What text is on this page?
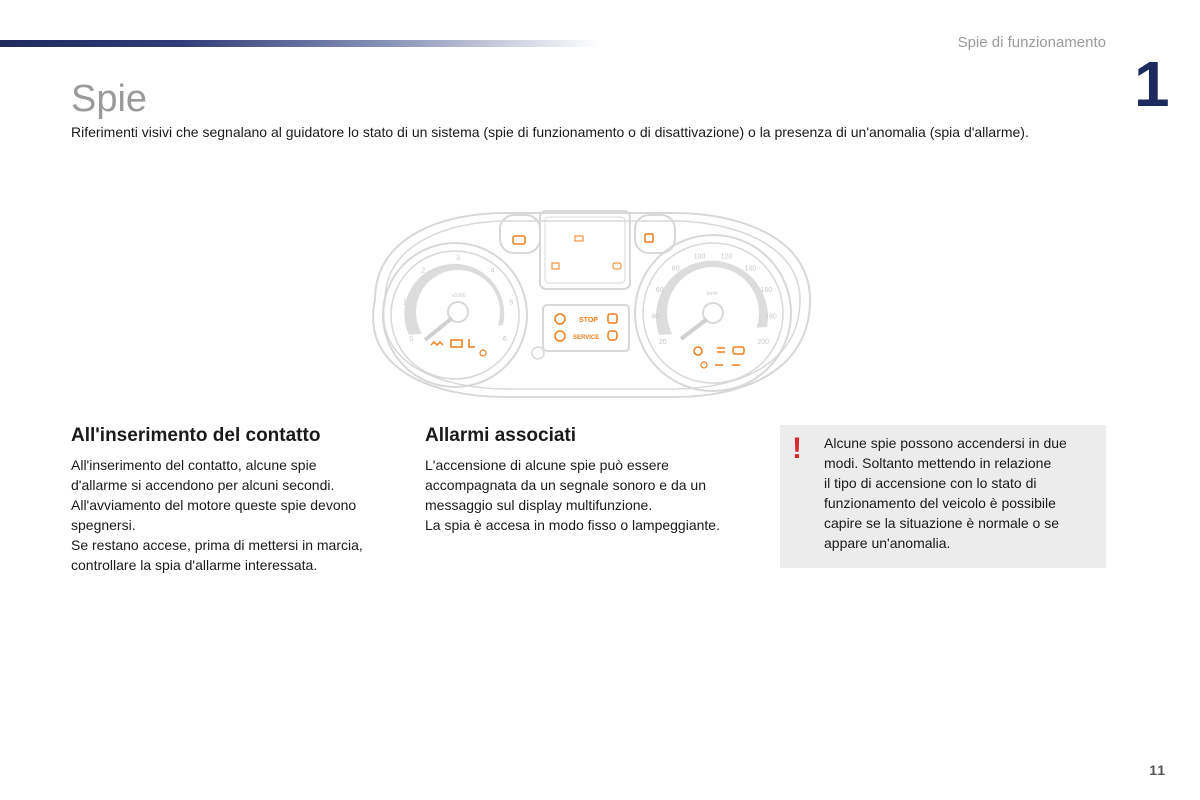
Spie di funzionamento
1
Spie

Riferimenti visivi che segnalano al guidatore lo stato di un sistema (spie di funzionamento o di disattivazione) o la presenza di un'anomalia (spia d'allarme).

0
1
2
3
4
5
6
x1000
20
40
60
80
100 120
140
160
180
200
km/h
STOP
SERVICE
All'inserimento del contatto

All'inserimento del contatto, alcune spie
d'allarme si accendono per alcuni secondi.
All'avviamento del motore queste spie devono
spegnersi.
Se restano accese, prima di mettersi in marcia,
controllare la spia d'allarme interessata.

Allarmi associati

L'accensione di alcune spie può essere
accompagnata da un segnale sonoro e da un
messaggio sul display multifunzione.
La spia è accesa in modo fisso o lampeggiante.

! Alcune spie possono accendersi in due
modi. Soltanto mettendo in relazione
il tipo di accensione con lo stato di
funzionamento del veicolo è possibile
capire se la situazione è normale o se
appare un'anomalia.

11
